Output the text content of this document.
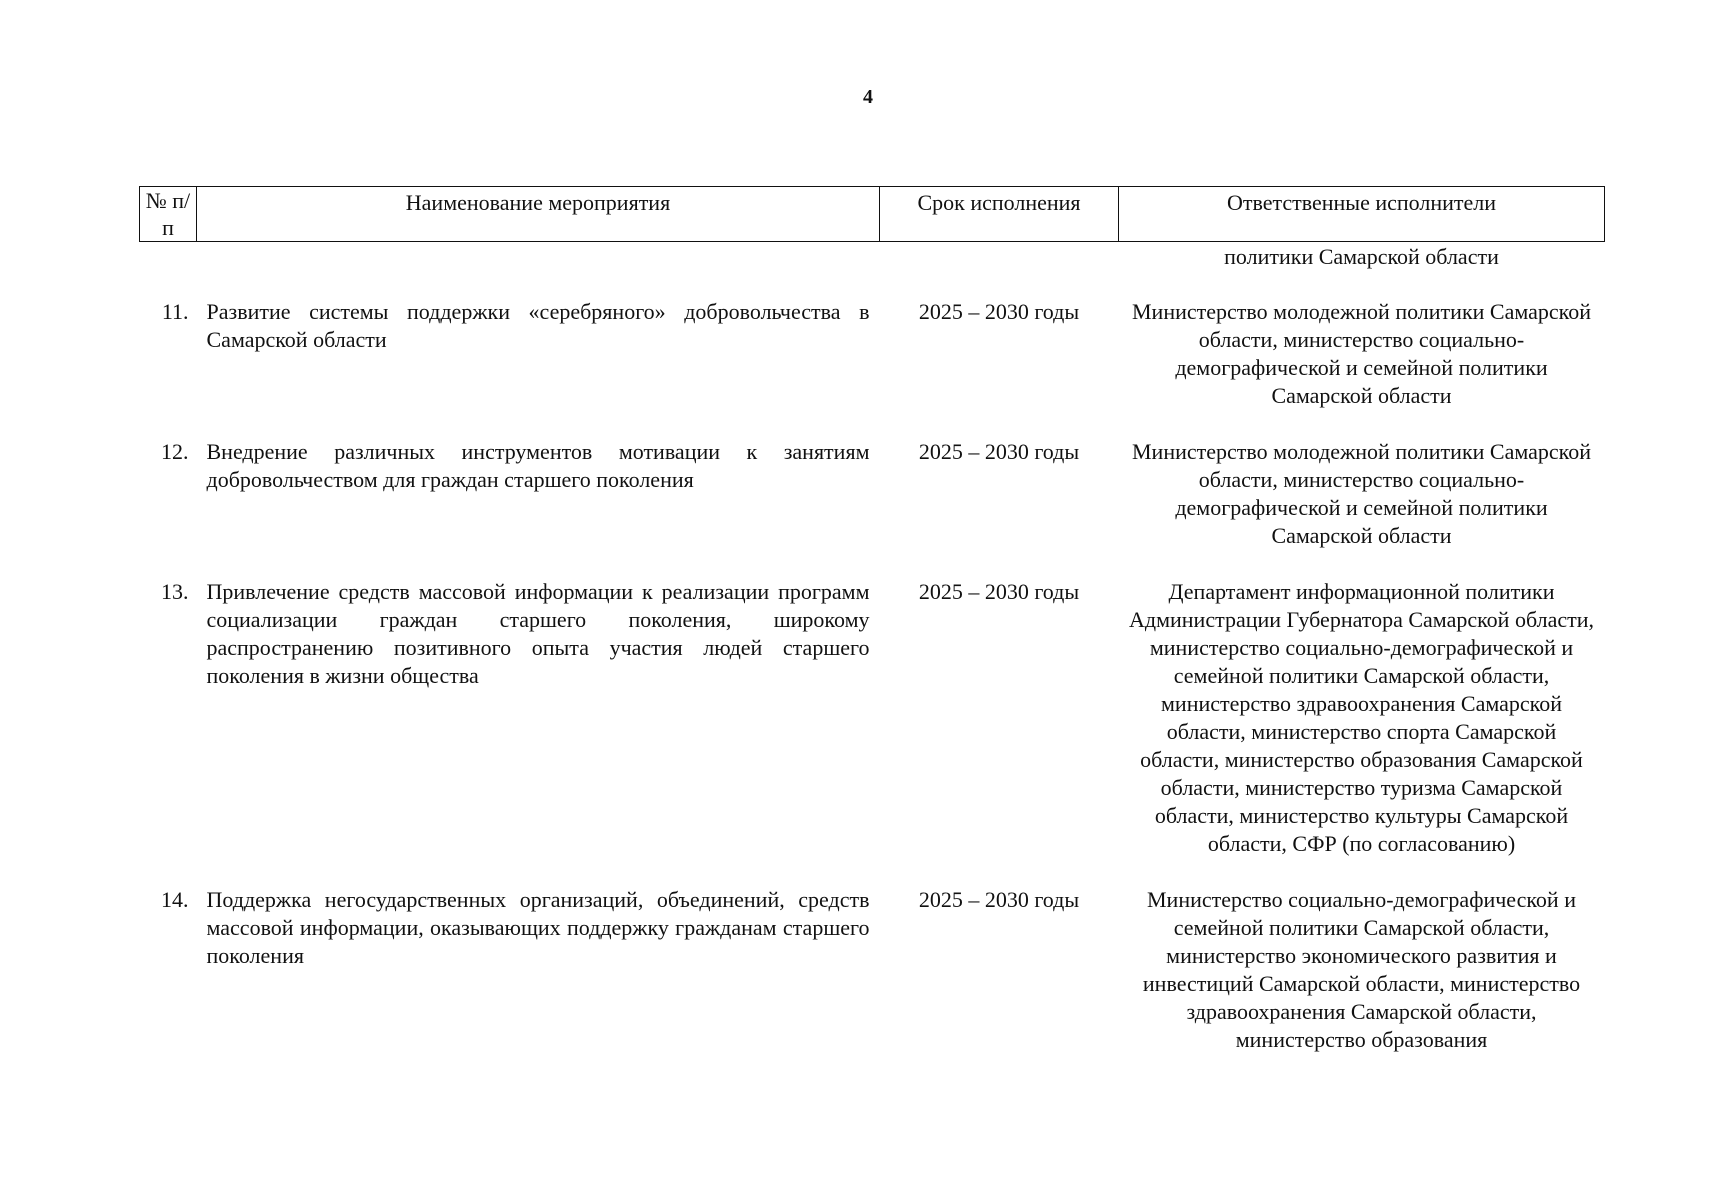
4
№ п/п	Наименование мероприятия	Срок исполнения	Ответственные исполнители
			политики Самарской области
11.	Развитие системы поддержки «серебряного» добровольчества в Самарской области	2025 – 2030 годы	Министерство молодежной политики Самарской области, министерство социально-демографической и семейной политики Самарской области
12.	Внедрение различных инструментов мотивации к занятиям добровольчеством для граждан старшего поколения	2025 – 2030 годы	Министерство молодежной политики Самарской области, министерство социально-демографической и семейной политики Самарской области
13.	Привлечение средств массовой информации к реализации программ социализации граждан старшего поколения, широкому распространению позитивного опыта участия людей старшего поколения в жизни общества	2025 – 2030 годы	Департамент информационной политики Администрации Губернатора Самарской области, министерство социально-демографической и семейной политики Самарской области, министерство здравоохранения Самарской области, министерство спорта Самарской области, министерство образования Самарской области, министерство туризма Самарской области, министерство культуры Самарской области, СФР (по согласованию)
14.	Поддержка негосударственных организаций, объединений, средств массовой информации, оказывающих поддержку гражданам старшего поколения	2025 – 2030 годы	Министерство социально-демографической и семейной политики Самарской области, министерство экономического развития и инвестиций Самарской области, министерство здравоохранения Самарской области, министерство образования
